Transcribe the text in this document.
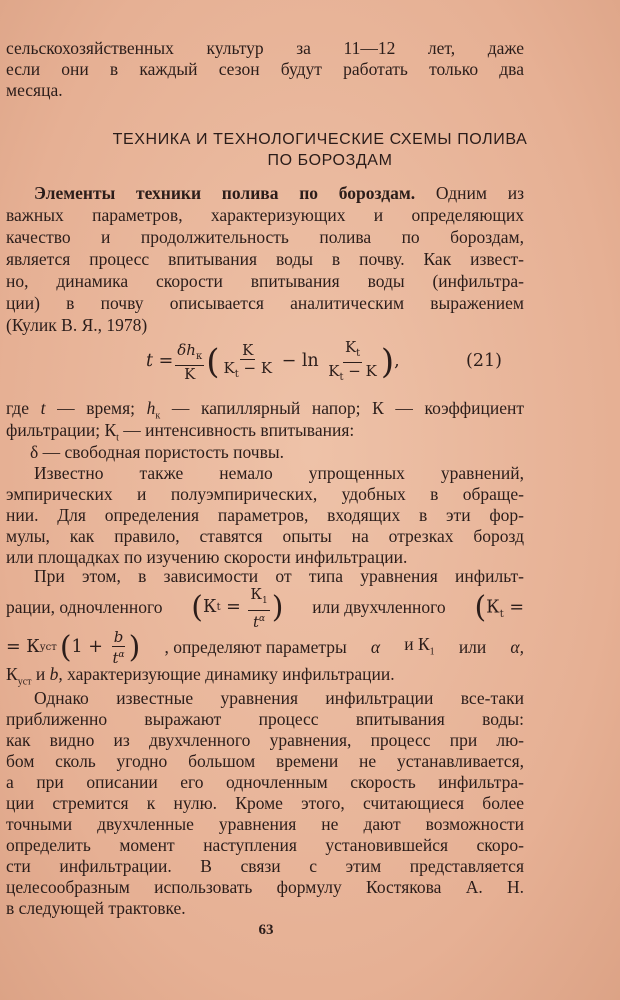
сельскохозяйственных культур за 11—12 лет, даже
если они в каждый сезон будут работать только два
месяца.
ТЕХНИКА И ТЕХНОЛОГИЧЕСКИЕ СХЕМЫ ПОЛИВА
ПО БОРОЗДАМ
Элементы техники полива по бороздам. Одним из
важных параметров, характеризующих и определяющих
качество и продолжительность полива по бороздам,
является процесс впитывания воды в почву. Как извест-
но, динамика скорости впитывания воды (инфильтра-
ции) в почву описывается аналитическим выражением
(Кулик В. Я., 1978)
$t = \frac{\delta h_к}{K}$ ( $\frac{K}{K_t - K} - \ln \frac{K_t}{K_t - K}$ ) ,	(21)
где t — время; $h_к$ — капиллярный напор; К — коэффициент
фильтрации; $К_t$ — интенсивность впитывания:
δ — свободная пористость почвы.
Известно также немало упрощенных уравнений,
эмпирических и полуэмпирических, удобных в обраще-
нии. Для определения параметров, входящих в эти фор-
мулы, как правило, ставятся опыты на отрезках борозд
или площадках по изучению скорости инфильтрации.
При этом, в зависимости от типа уравнения инфильт-
рации, одночленного ( К $t = \frac{К_1}{t^\alpha}$ ) или двухчленного ($К_t$ =
= К уст ( $1 + \frac{b}{t^\alpha}$ ) , определяют параметры α и $К_1$ или α,
$К_{уст}$ и b, характеризующие динамику инфильтрации.
Однако известные уравнения инфильтрации все-таки
приближенно выражают процесс впитывания воды:
как видно из двухчленного уравнения, процесс при лю-
бом сколь угодно большом времени не устанавливается,
а при описании его одночленным скорость инфильтра-
ции стремится к нулю. Кроме этого, считающиеся более
точными двухчленные уравнения не дают возможности
определить момент наступления установившейся скоро-
сти инфильтрации. В связи с этим представляется
целесообразным использовать формулу Костякова А. Н.
в следующей трактовке.
63
